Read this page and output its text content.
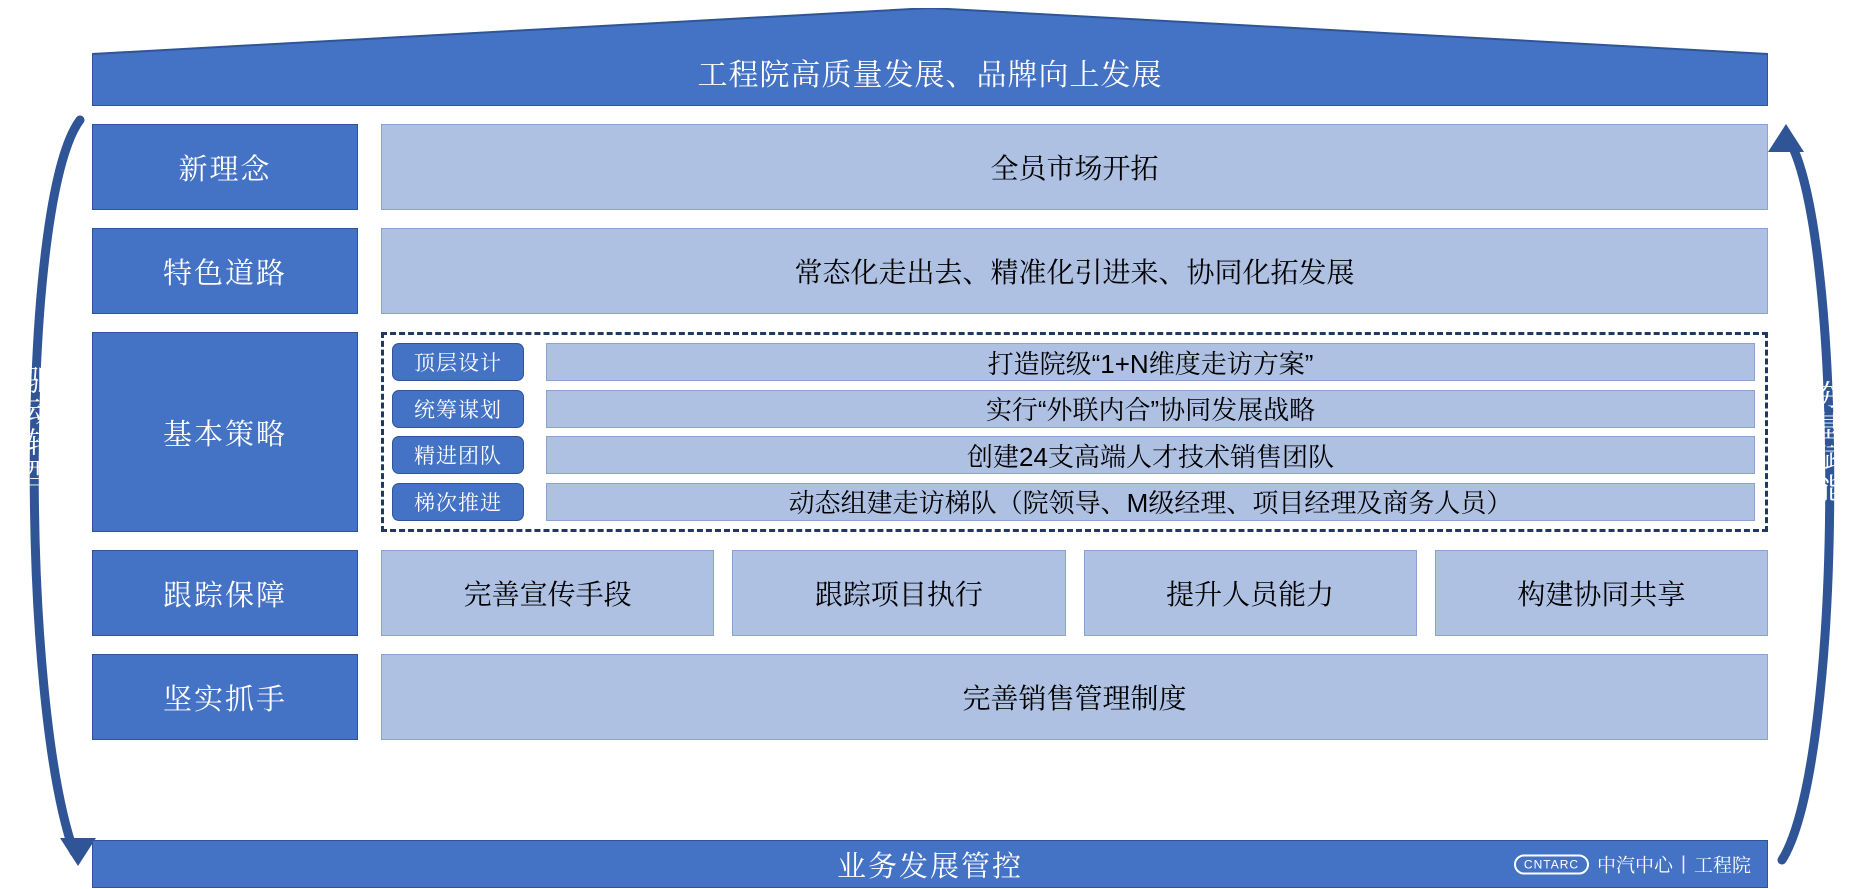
工程院高质量发展、品牌向上发展
驱动转型	夯基赋能
新理念	全员市场开拓
特色道路	常态化走出去、精准化引进来、协同化拓发展
基本策略
顶层设计	打造院级“1+N维度走访方案”
统筹谋划	实行“外联内合”协同发展战略
精进团队	创建24支高端人才技术销售团队
梯次推进	动态组建走访梯队（院领导、M级经理、项目经理及商务人员）
跟踪保障	完善宣传手段	跟踪项目执行	提升人员能力	构建协同共享
坚实抓手	完善销售管理制度
业务发展管控	CNTARC 中汽中心 | 工程院
